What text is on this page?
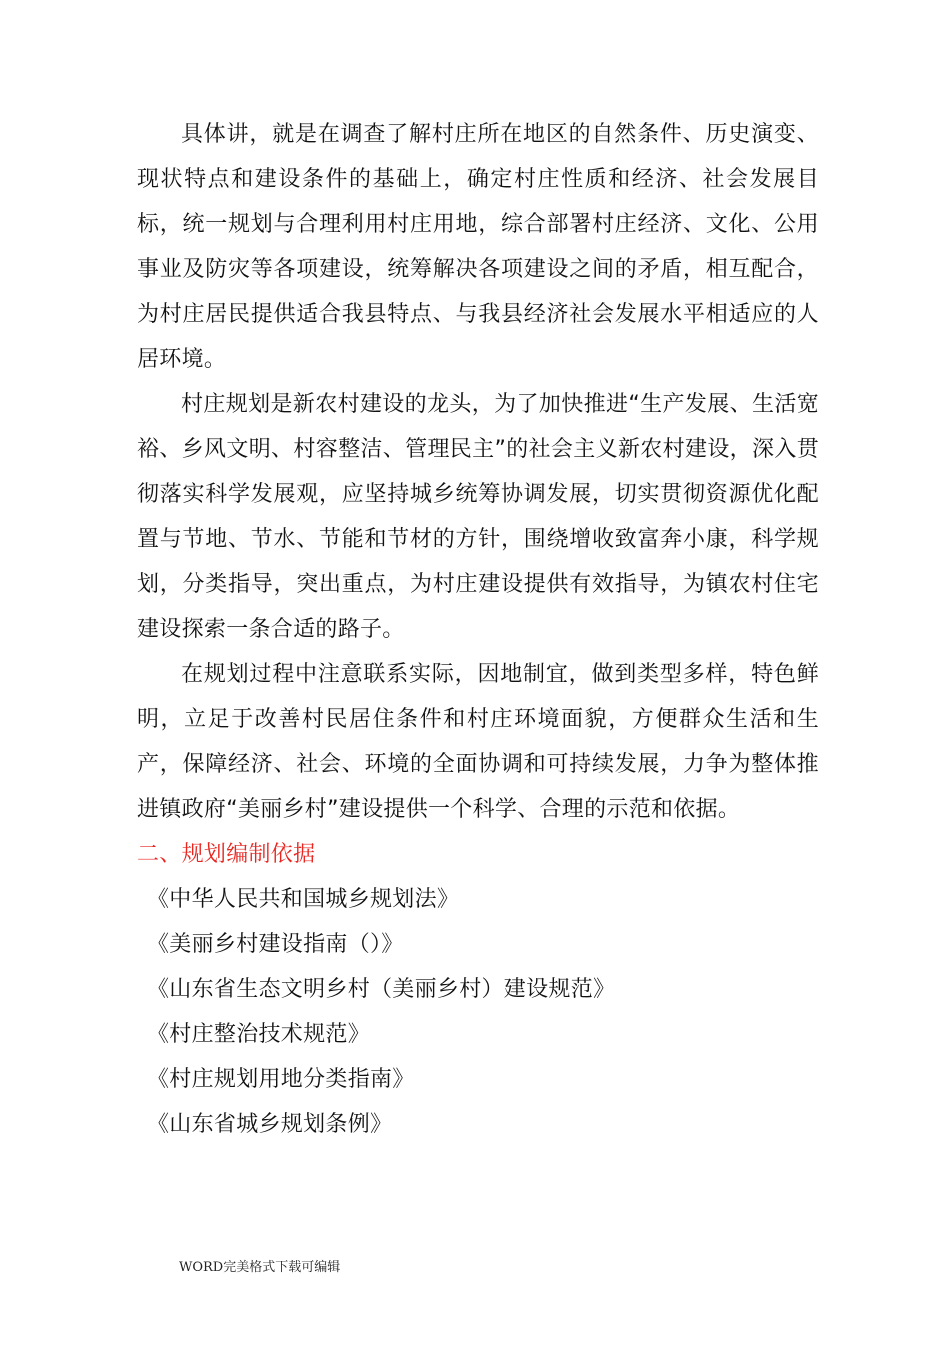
具体讲，就是在调查了解村庄所在地区的自然条件、历史演变、现状特点和建设条件的基础上，确定村庄性质和经济、社会发展目标，统一规划与合理利用村庄用地，综合部署村庄经济、文化、公用事业及防灾等各项建设，统筹解决各项建设之间的矛盾，相互配合，为村庄居民提供适合我县特点、与我县经济社会发展水平相适应的人居环境。

村庄规划是新农村建设的龙头，为了加快推进“生产发展、生活宽裕、乡风文明、村容整洁、管理民主”的社会主义新农村建设，深入贯彻落实科学发展观，应坚持城乡统筹协调发展，切实贯彻资源优化配置与节地、节水、节能和节材的方针，围绕增收致富奔小康，科学规划，分类指导，突出重点，为村庄建设提供有效指导，为镇农村住宅建设探索一条合适的路子。

在规划过程中注意联系实际，因地制宜，做到类型多样，特色鲜明，立足于改善村民居住条件和村庄环境面貌，方便群众生活和生产，保障经济、社会、环境的全面协调和可持续发展，力争为整体推进镇政府“美丽乡村”建设提供一个科学、合理的示范和依据。

二、规划编制依据

《中华人民共和国城乡规划法》
《美丽乡村建设指南（）》
《山东省生态文明乡村（美丽乡村）建设规范》
《村庄整治技术规范》
《村庄规划用地分类指南》
《山东省城乡规划条例》
WORD完美格式下载可编辑
